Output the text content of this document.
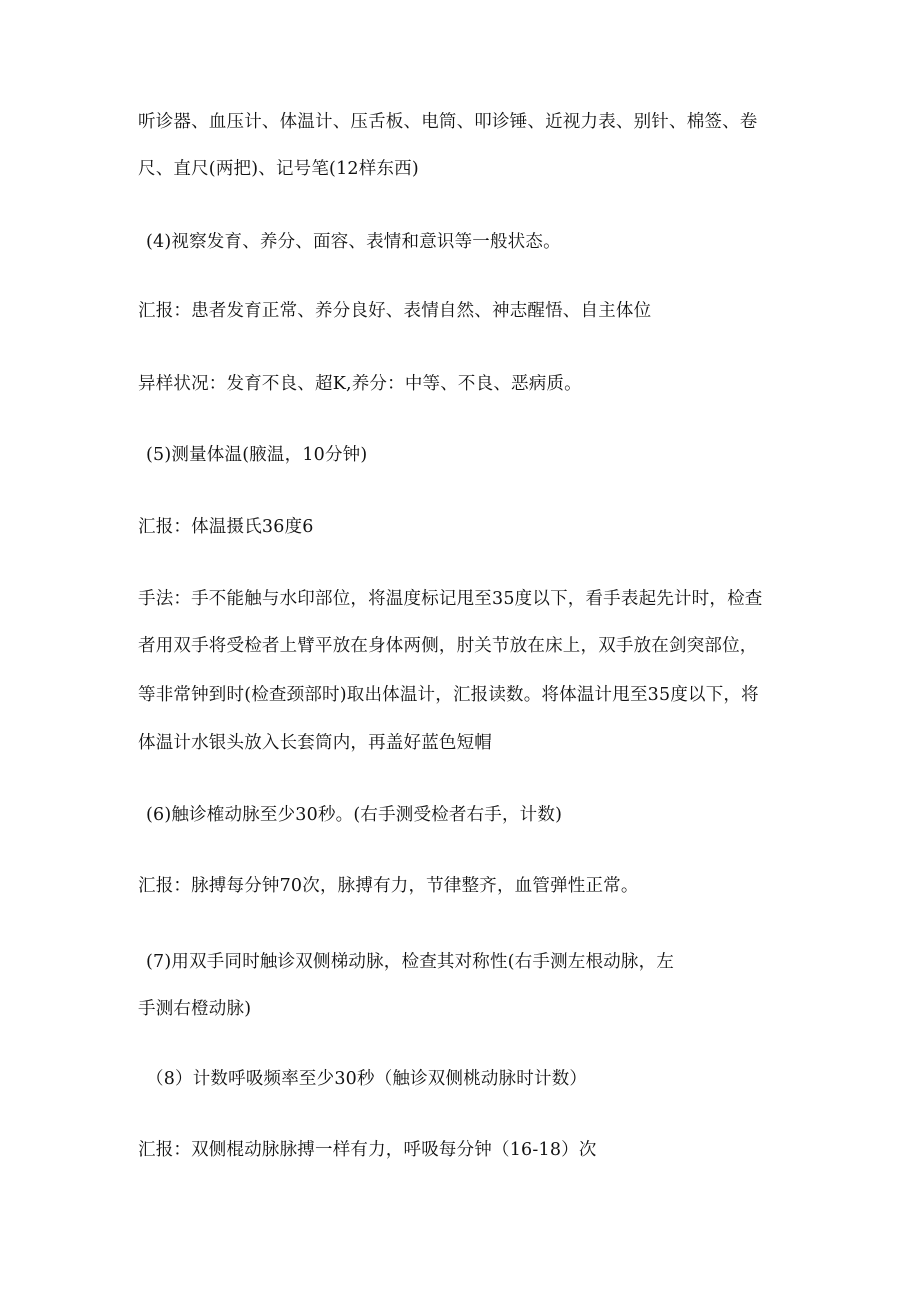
听诊器、血压计、体温计、压舌板、电筒、叩诊锤、近视力表、别针、棉签、卷
尺、直尺(两把)、记号笔(12样东西)
(4)视察发育、养分、面容、表情和意识等一般状态。
汇报：患者发育正常、养分良好、表情自然、神志醒悟、自主体位
异样状况：发育不良、超K,养分：中等、不良、恶病质。
(5)测量体温(腋温，10分钟)
汇报：体温摄氏36度6
手法：手不能触与水印部位，将温度标记甩至35度以下，看手表起先计时，检查
者用双手将受检者上臂平放在身体两侧，肘关节放在床上，双手放在剑突部位，
等非常钟到时(检查颈部时)取出体温计，汇报读数。将体温计甩至35度以下，将
体温计水银头放入长套筒内，再盖好蓝色短帽
(6)触诊榷动脉至少30秒。(右手测受检者右手，计数)
汇报：脉搏每分钟70次，脉搏有力，节律整齐，血管弹性正常。
(7)用双手同时触诊双侧梯动脉，检查其对称性(右手测左根动脉，左
手测右橙动脉)
（8）计数呼吸频率至少30秒（触诊双侧桃动脉时计数）
汇报：双侧棍动脉脉搏一样有力，呼吸每分钟（16-18）次
